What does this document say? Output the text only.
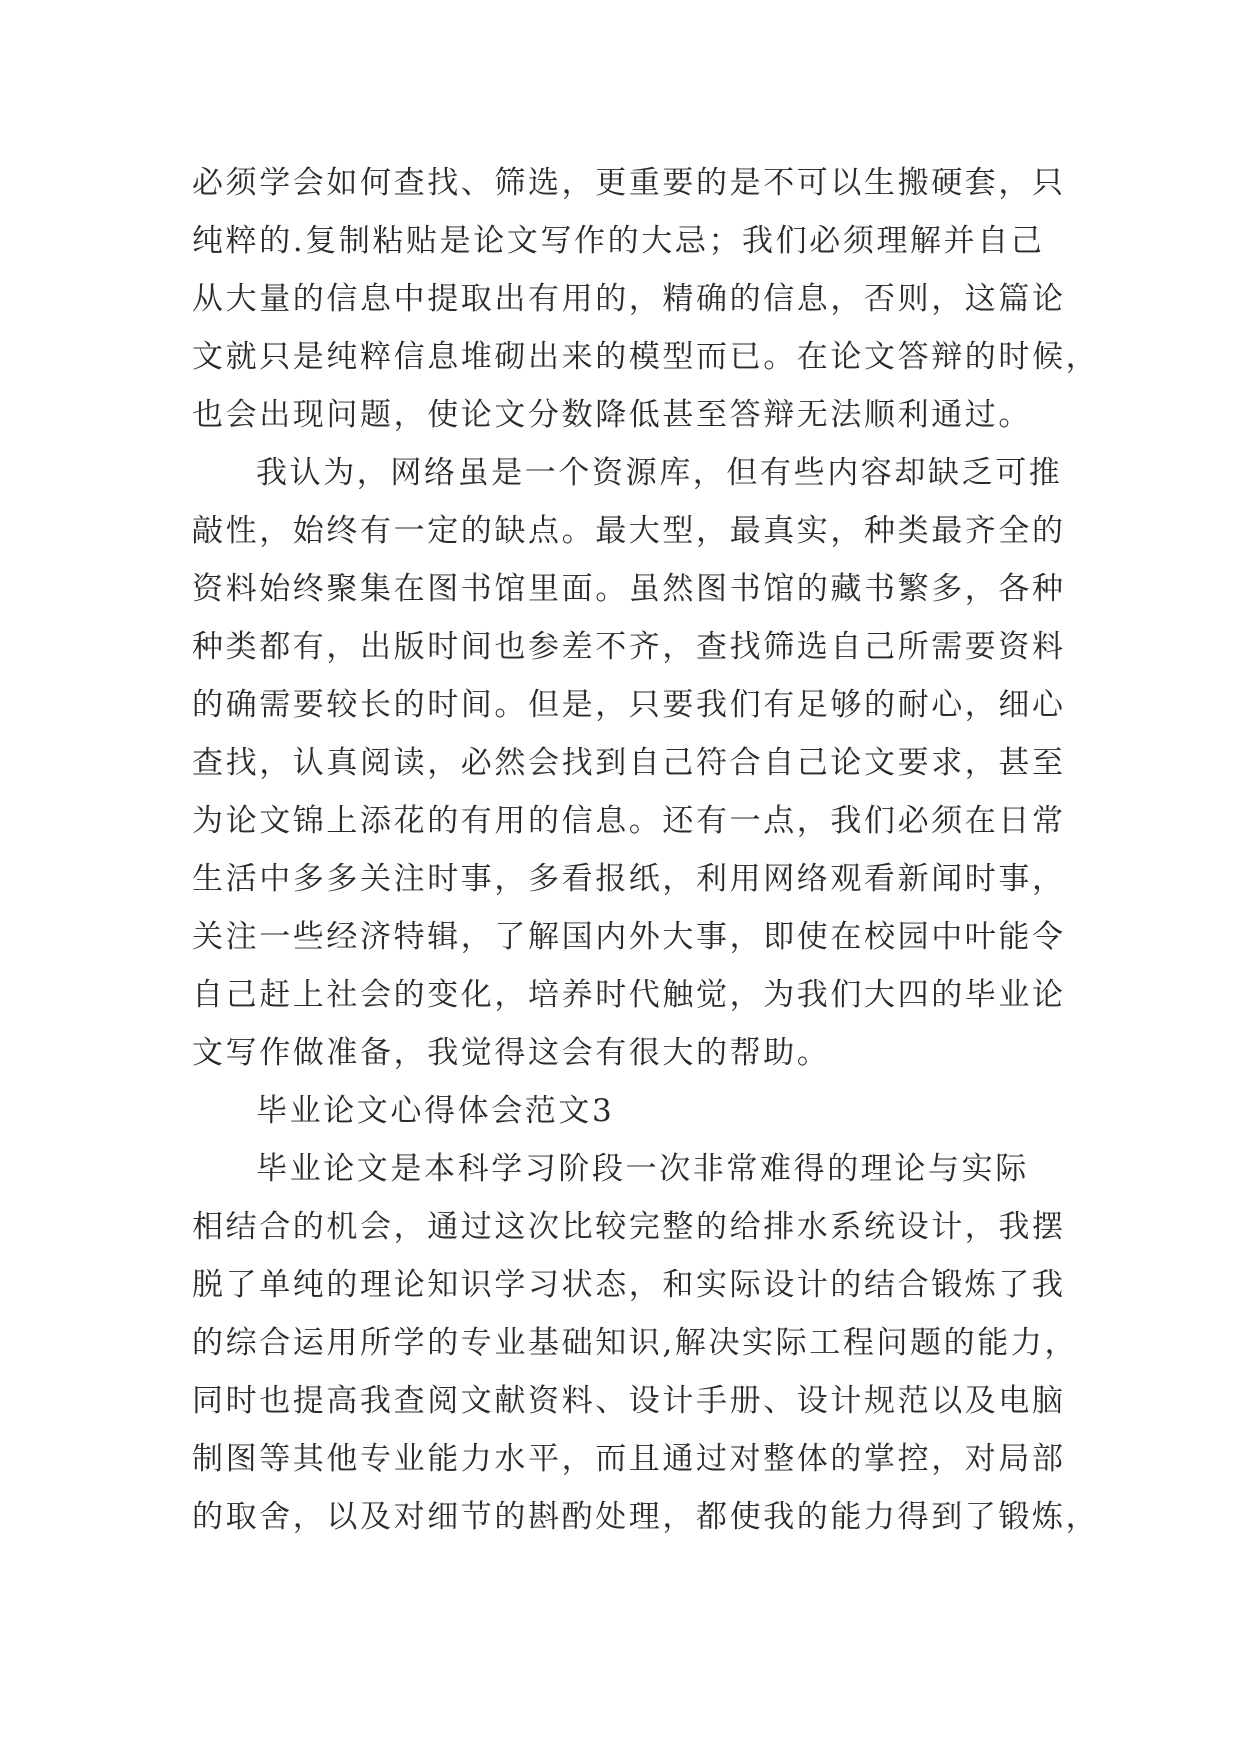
必须学会如何查找、筛选，更重要的是不可以生搬硬套，只
纯粹的.复制粘贴是论文写作的大忌；我们必须理解并自己
从大量的信息中提取出有用的，精确的信息，否则，这篇论
文就只是纯粹信息堆砌出来的模型而已。在论文答辩的时候，
也会出现问题，使论文分数降低甚至答辩无法顺利通过。
我认为，网络虽是一个资源库，但有些内容却缺乏可推
敲性，始终有一定的缺点。最大型，最真实，种类最齐全的
资料始终聚集在图书馆里面。虽然图书馆的藏书繁多，各种
种类都有，出版时间也参差不齐，查找筛选自己所需要资料
的确需要较长的时间。但是，只要我们有足够的耐心，细心
查找，认真阅读，必然会找到自己符合自己论文要求，甚至
为论文锦上添花的有用的信息。还有一点，我们必须在日常
生活中多多关注时事，多看报纸，利用网络观看新闻时事，
关注一些经济特辑，了解国内外大事，即使在校园中叶能令
自己赶上社会的变化，培养时代触觉，为我们大四的毕业论
文写作做准备，我觉得这会有很大的帮助。
毕业论文心得体会范文3
毕业论文是本科学习阶段一次非常难得的理论与实际
相结合的机会，通过这次比较完整的给排水系统设计，我摆
脱了单纯的理论知识学习状态，和实际设计的结合锻炼了我
的综合运用所学的专业基础知识,解决实际工程问题的能力，
同时也提高我查阅文献资料、设计手册、设计规范以及电脑
制图等其他专业能力水平，而且通过对整体的掌控，对局部
的取舍，以及对细节的斟酌处理，都使我的能力得到了锻炼，
